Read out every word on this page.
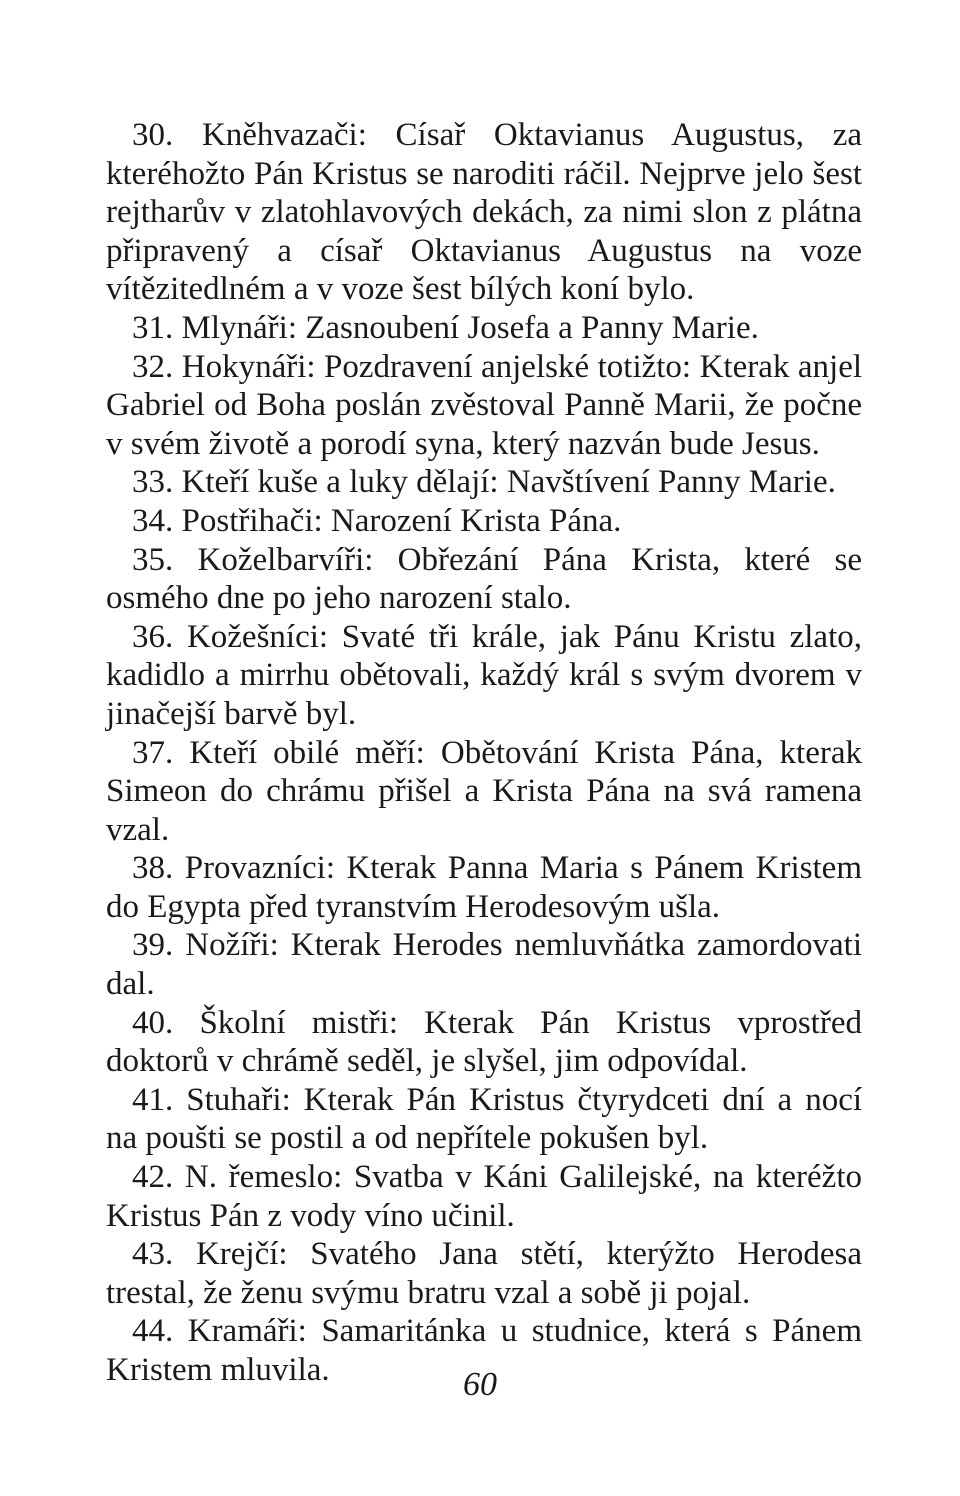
30. Kněhvazači: Císař Oktavianus Augustus, za kteréhožto Pán Kristus se naroditi ráčil. Nejprve jelo šest rejtharův v zlatohlavových dekách, za nimi slon z plátna připravený a císař Oktavianus Augustus na voze vítězitedlném a v voze šest bílých koní bylo.

31. Mlynáři: Zasnoubení Josefa a Panny Marie.

32. Hokynáři: Pozdravení anjelské totižto: Kterak anjel Gabriel od Boha poslán zvěstoval Panně Marii, že počne v svém životě a porodí syna, který nazván bude Jesus.

33. Kteří kuše a luky dělají: Navštívení Panny Marie.

34. Postřihači: Narození Krista Pána.

35. Koželbarvíři: Obřezání Pána Krista, které se osmého dne po jeho narození stalo.

36. Kožešníci: Svaté tři krále, jak Pánu Kristu zlato, kadidlo a mirrhu obětovali, každý král s svým dvorem v jinačejší barvě byl.

37. Kteří obilé měří: Obětování Krista Pána, kterak Simeon do chrámu přišel a Krista Pána na svá ramena vzal.

38. Provazníci: Kterak Panna Maria s Pánem Kristem do Egypta před tyranstvím Herodesovým ušla.

39. Nožíři: Kterak Herodes nemluvňátka zamordovati dal.

40. Školní mistři: Kterak Pán Kristus vprostřed doktorů v chrámě seděl, je slyšel, jim odpovídal.

41. Stuhaři: Kterak Pán Kristus čtyrydceti dní a nocí na poušti se postil a od nepřítele pokušen byl.

42. N. řemeslo: Svatba v Káni Galilejské, na kteréžto Kristus Pán z vody víno učinil.

43. Krejčí: Svatého Jana stětí, kterýžto Herodesa trestal, že ženu svýmu bratru vzal a sobě ji pojal.

44. Kramáři: Samaritánka u studnice, která s Pánem Kristem mluvila.	60
